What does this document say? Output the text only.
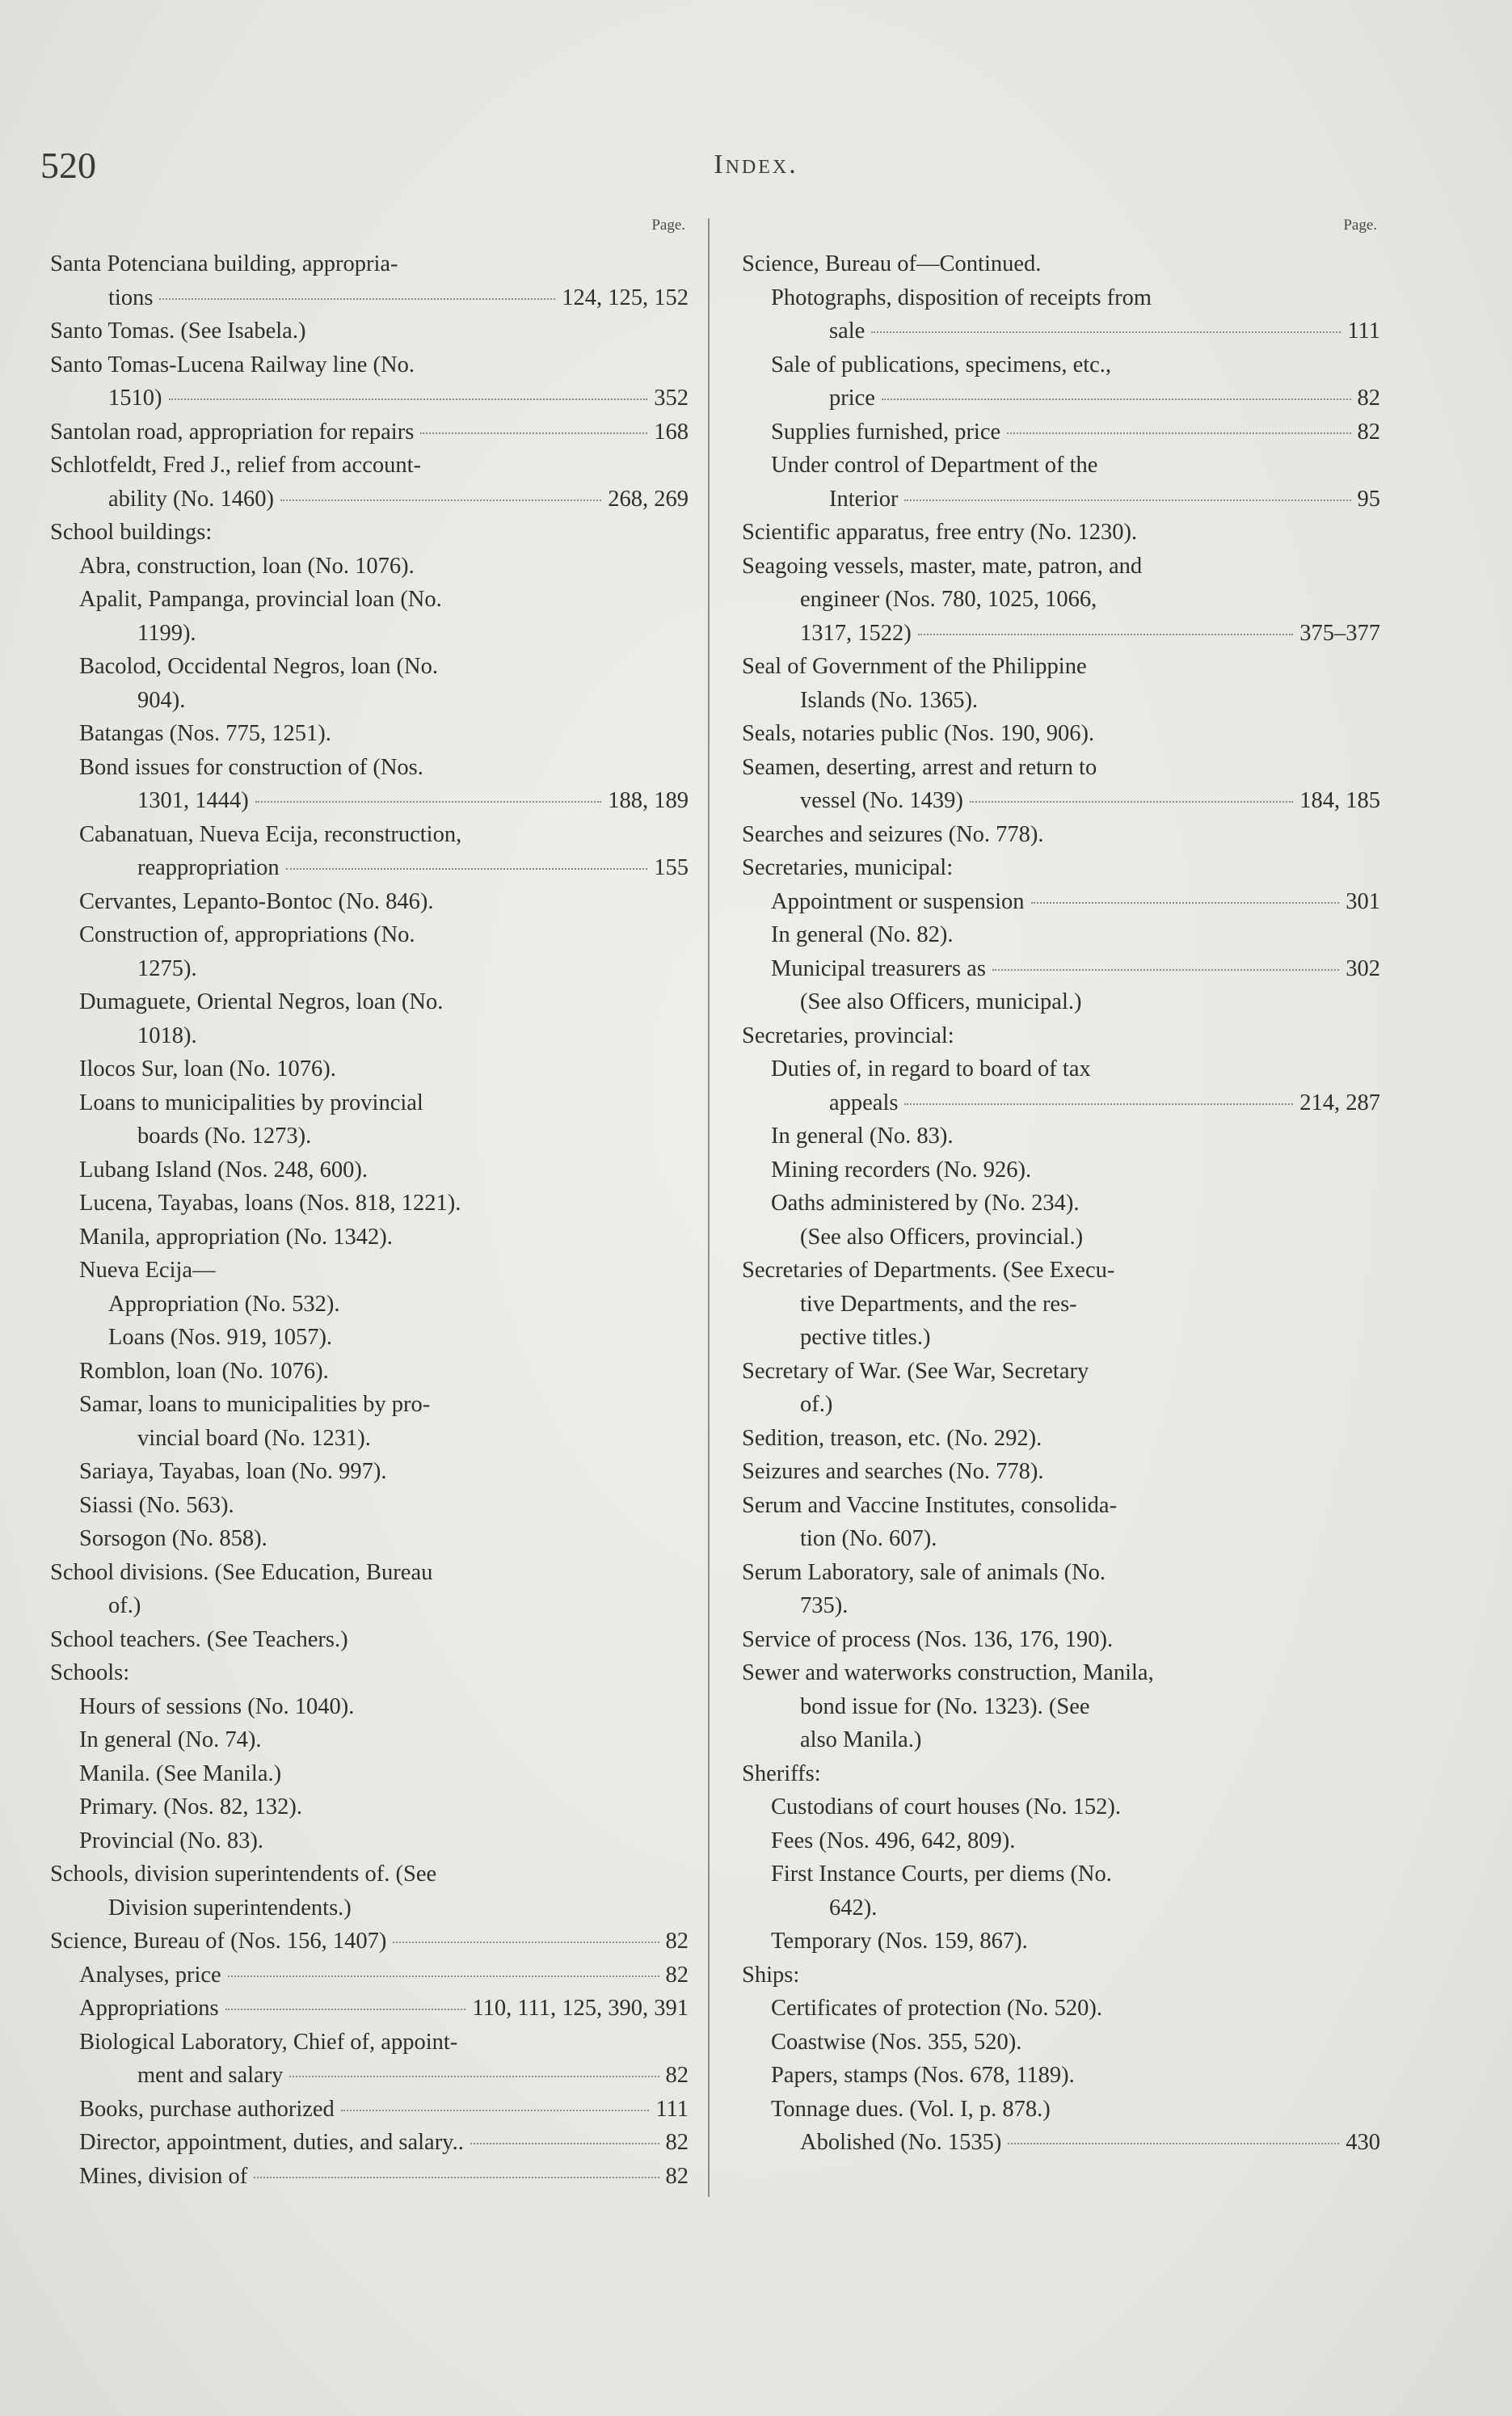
520	Index.
Page.
Santa Potenciana building, appropria-
tions	124, 125, 152
Santo Tomas. (See Isabela.)
Santo Tomas-Lucena Railway line (No.
1510)	352
Santolan road, appropriation for repairs	168
Schlotfeldt, Fred J., relief from account-
ability (No. 1460)	268, 269
School buildings:
Abra, construction, loan (No. 1076).
Apalit, Pampanga, provincial loan (No.
1199).
Bacolod, Occidental Negros, loan (No.
904).
Batangas (Nos. 775, 1251).
Bond issues for construction of (Nos.
1301, 1444)	188, 189
Cabanatuan, Nueva Ecija, reconstruction,
reappropriation	155
Cervantes, Lepanto-Bontoc (No. 846).
Construction of, appropriations (No.
1275).
Dumaguete, Oriental Negros, loan (No.
1018).
Ilocos Sur, loan (No. 1076).
Loans to municipalities by provincial
boards (No. 1273).
Lubang Island (Nos. 248, 600).
Lucena, Tayabas, loans (Nos. 818, 1221).
Manila, appropriation (No. 1342).
Nueva Ecija—
Appropriation (No. 532).
Loans (Nos. 919, 1057).
Romblon, loan (No. 1076).
Samar, loans to municipalities by pro-
vincial board (No. 1231).
Sariaya, Tayabas, loan (No. 997).
Siassi (No. 563).
Sorsogon (No. 858).
School divisions. (See Education, Bureau
of.)
School teachers. (See Teachers.)
Schools:
Hours of sessions (No. 1040).
In general (No. 74).
Manila. (See Manila.)
Primary. (Nos. 82, 132).
Provincial (No. 83).
Schools, division superintendents of. (See
Division superintendents.)
Science, Bureau of (Nos. 156, 1407)	82
Analyses, price	82
Appropriations	110, 111, 125, 390, 391
Biological Laboratory, Chief of, appoint-
ment and salary	82
Books, purchase authorized	111
Director, appointment, duties, and salary..	82
Mines, division of	82
Page.
Science, Bureau of—Continued.
Photographs, disposition of receipts from
sale	111
Sale of publications, specimens, etc.,
price	82
Supplies furnished, price	82
Under control of Department of the
Interior	95
Scientific apparatus, free entry (No. 1230).
Seagoing vessels, master, mate, patron, and
engineer (Nos. 780, 1025, 1066,
1317, 1522)	375–377
Seal of Government of the Philippine
Islands (No. 1365).
Seals, notaries public (Nos. 190, 906).
Seamen, deserting, arrest and return to
vessel (No. 1439)	184, 185
Searches and seizures (No. 778).
Secretaries, municipal:
Appointment or suspension	301
In general (No. 82).
Municipal treasurers as	302
(See also Officers, municipal.)
Secretaries, provincial:
Duties of, in regard to board of tax
appeals	214, 287
In general (No. 83).
Mining recorders (No. 926).
Oaths administered by (No. 234).
(See also Officers, provincial.)
Secretaries of Departments. (See Execu-
tive Departments, and the res-
pective titles.)
Secretary of War. (See War, Secretary
of.)
Sedition, treason, etc. (No. 292).
Seizures and searches (No. 778).
Serum and Vaccine Institutes, consolida-
tion (No. 607).
Serum Laboratory, sale of animals (No.
735).
Service of process (Nos. 136, 176, 190).
Sewer and waterworks construction, Manila,
bond issue for (No. 1323). (See
also Manila.)
Sheriffs:
Custodians of court houses (No. 152).
Fees (Nos. 496, 642, 809).
First Instance Courts, per diems (No.
642).
Temporary (Nos. 159, 867).
Ships:
Certificates of protection (No. 520).
Coastwise (Nos. 355, 520).
Papers, stamps (Nos. 678, 1189).
Tonnage dues. (Vol. I, p. 878.)
Abolished (No. 1535)	430
